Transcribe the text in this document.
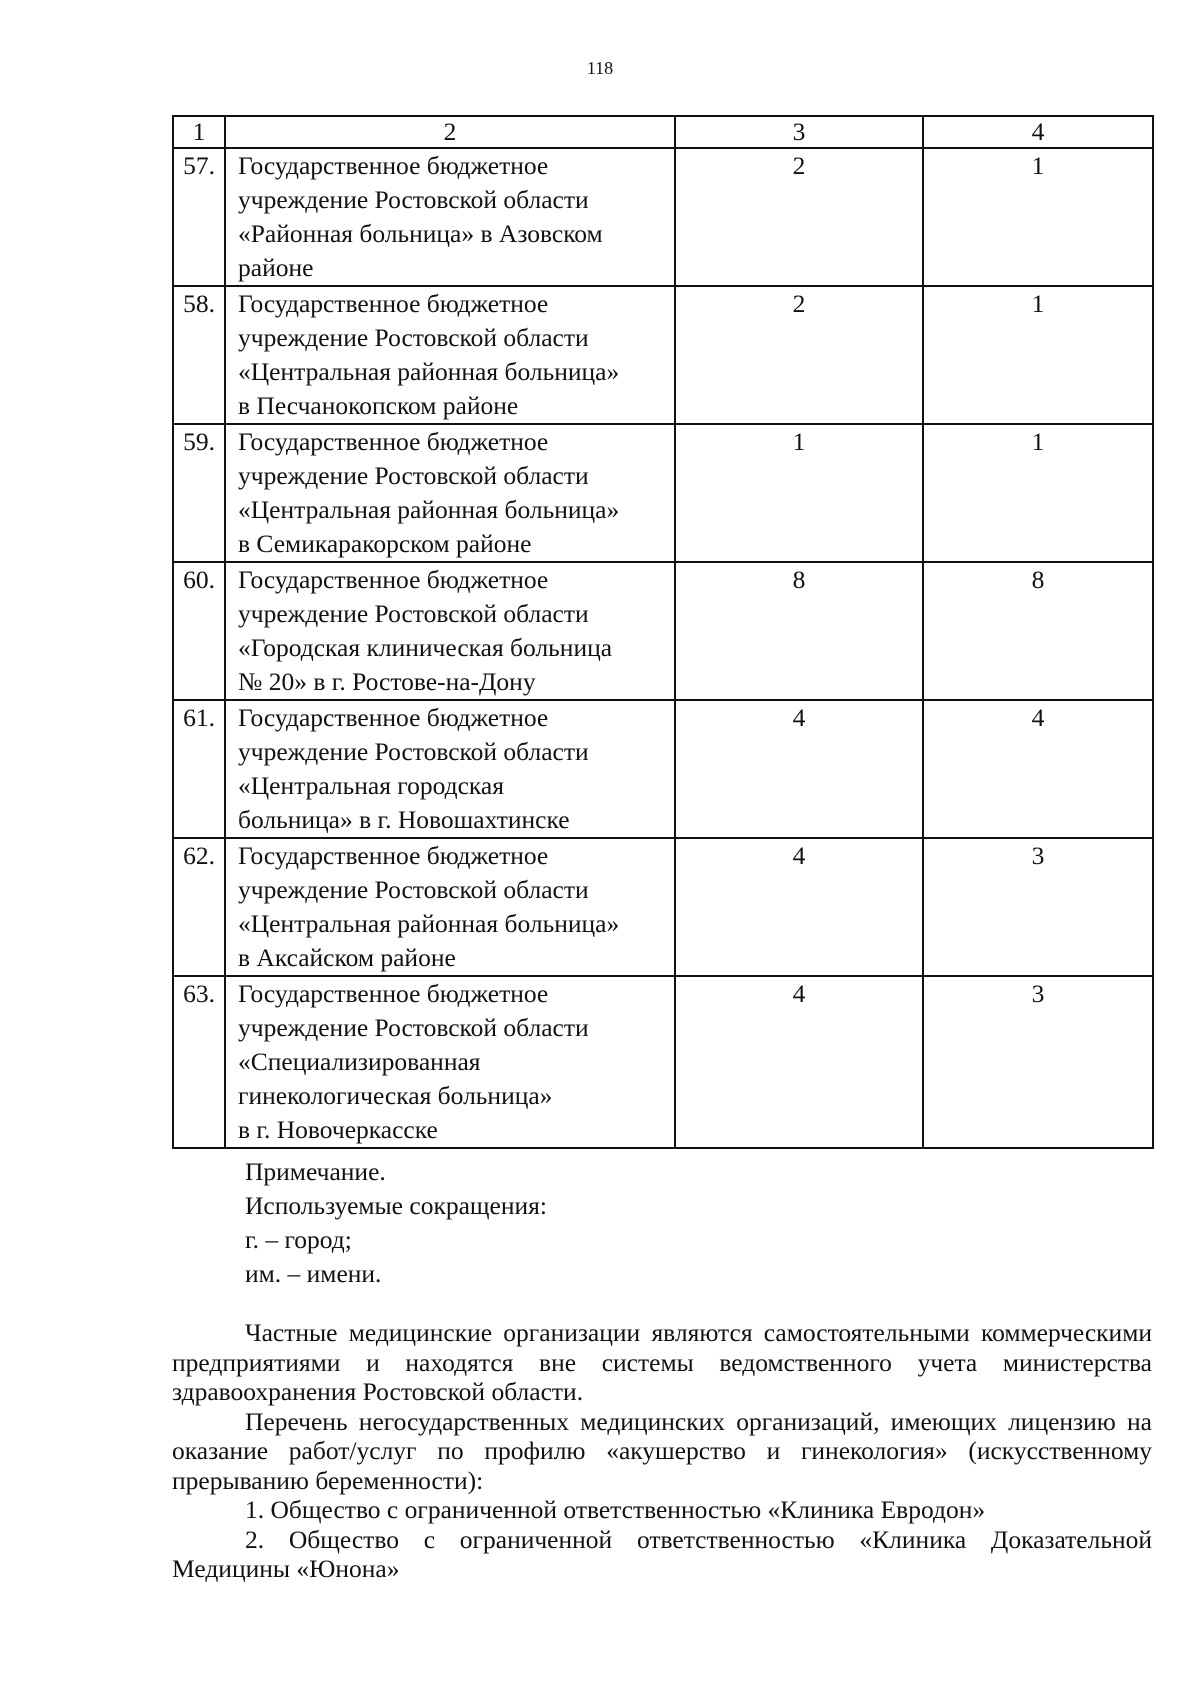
118
1	2	3	4
57.	Государственное бюджетное
учреждение Ростовской области
«Районная больница» в Азовском
районе	2	1
58.	Государственное бюджетное
учреждение Ростовской области
«Центральная районная больница»
в Песчанокопском районе	2	1
59.	Государственное бюджетное
учреждение Ростовской области
«Центральная районная больница»
в Семикаракорском районе	1	1
60.	Государственное бюджетное
учреждение Ростовской области
«Городская клиническая больница
№ 20» в г. Ростове-на-Дону	8	8
61.	Государственное бюджетное
учреждение Ростовской области
«Центральная городская
больница» в г. Новошахтинске	4	4
62.	Государственное бюджетное
учреждение Ростовской области
«Центральная районная больница»
в Аксайском районе	4	3
63.	Государственное бюджетное
учреждение Ростовской области
«Специализированная
гинекологическая больница»
в г. Новочеркасске	4	3
Примечание.
Используемые сокращения:
г. – город;
им. – имени.

Частные медицинские организации являются самостоятельными коммерческими предприятиями и находятся вне системы ведомственного учета министерства здравоохранения Ростовской области.

Перечень негосударственных медицинских организаций, имеющих лицензию на оказание работ/услуг по профилю «акушерство и гинекология» (искусственному прерыванию беременности):

1. Общество с ограниченной ответственностью «Клиника Евродон»

2. Общество с ограниченной ответственностью «Клиника Доказательной Медицины «Юнона»
